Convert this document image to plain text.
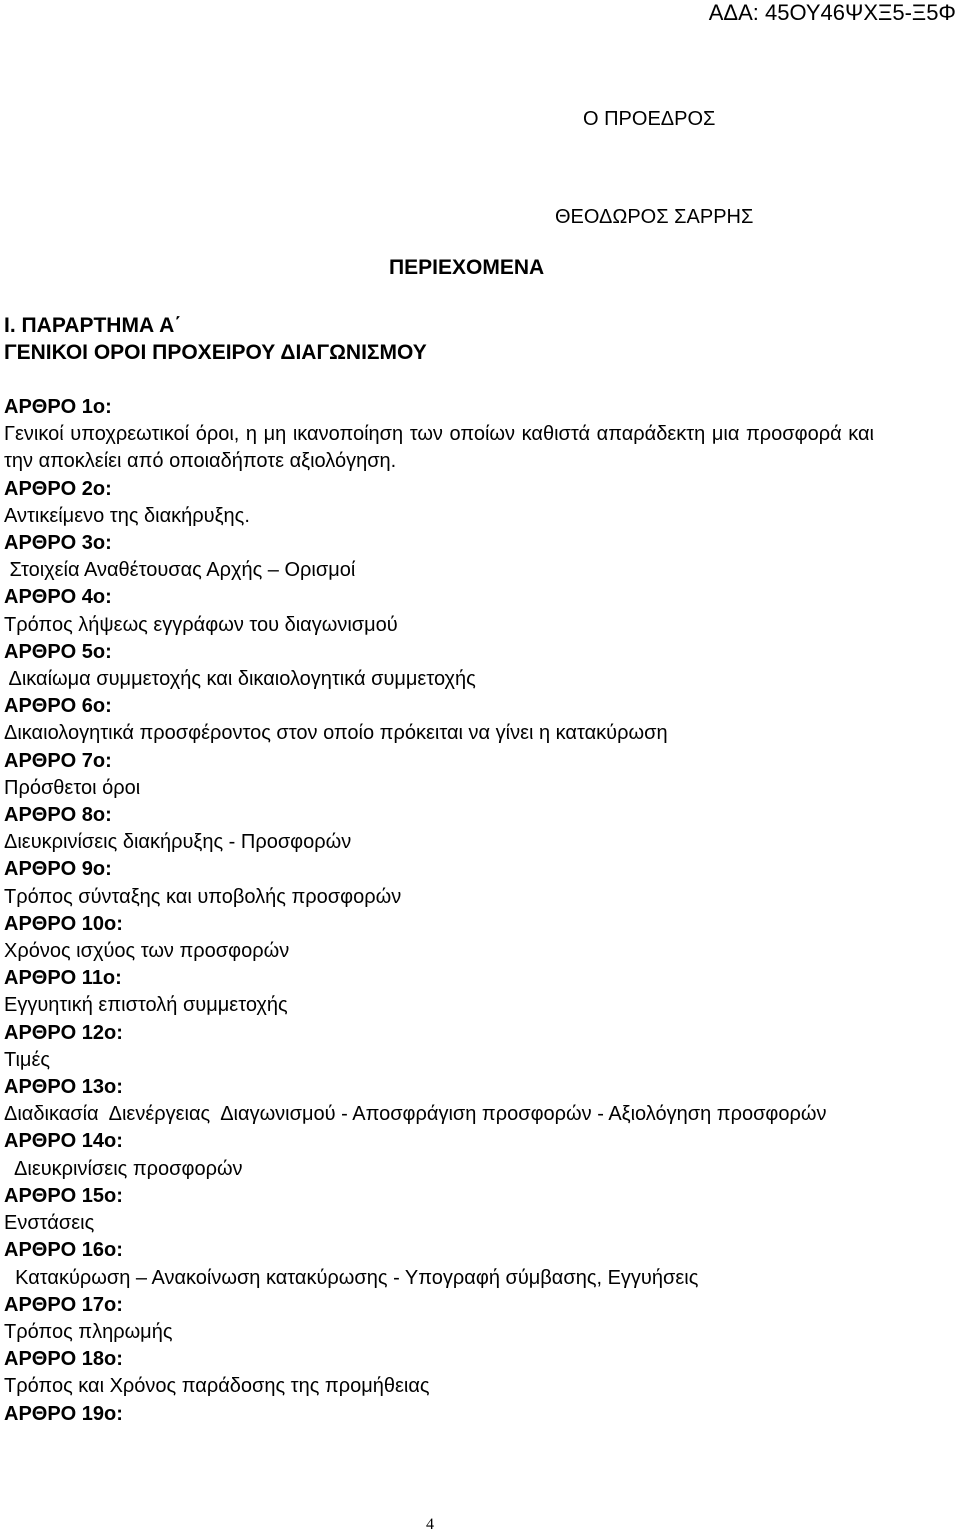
ΑΔΑ: 45ΟΥ46ΨΧΞ5-Ξ5Φ
Ο ΠΡΟΕΔΡΟΣ
ΘΕΟΔΩΡΟΣ ΣΑΡΡΗΣ
ΠΕΡΙΕΧΟΜΕΝΑ
Ι. ΠΑΡΑΡΤΗΜΑ Α΄
ΓΕΝΙΚΟΙ ΟΡΟΙ ΠΡΟΧΕΙΡΟΥ ΔΙΑΓΩΝΙΣΜΟΥ
ΑΡΘΡΟ 1ο:
Γενικοί υποχρεωτικοί όροι, η μη ικανοποίηση των οποίων καθιστά απαράδεκτη μια προσφορά και την αποκλείει από οποιαδήποτε αξιολόγηση.
ΑΡΘΡΟ 2ο:
Αντικείμενο της διακήρυξης.
ΑΡΘΡΟ 3ο:
Στοιχεία Αναθέτουσας Αρχής – Ορισμοί
ΑΡΘΡΟ 4ο:
Τρόπος λήψεως εγγράφων του διαγωνισμού
ΑΡΘΡΟ 5ο:
Δικαίωμα συμμετοχής και δικαιολογητικά συμμετοχής
ΑΡΘΡΟ 6ο:
Δικαιολογητικά προσφέροντος στον οποίο πρόκειται να γίνει η κατακύρωση
ΑΡΘΡΟ 7ο:
Πρόσθετοι όροι
ΑΡΘΡΟ 8ο:
Διευκρινίσεις διακήρυξης - Προσφορών
ΑΡΘΡΟ 9ο:
Τρόπος σύνταξης και υποβολής προσφορών
ΑΡΘΡΟ 10ο:
Χρόνος ισχύος των προσφορών
ΑΡΘΡΟ 11ο:
Εγγυητική επιστολή συμμετοχής
ΑΡΘΡΟ 12ο:
Τιμές
ΑΡΘΡΟ 13ο:
Διαδικασία  Διενέργειας  Διαγωνισμού - Αποσφράγιση προσφορών - Αξιολόγηση προσφορών
ΑΡΘΡΟ 14ο:
Διευκρινίσεις προσφορών
ΑΡΘΡΟ 15ο:
Ενστάσεις
ΑΡΘΡΟ 16ο:
Κατακύρωση – Ανακοίνωση κατακύρωσης - Υπογραφή σύμβασης, Εγγυήσεις
ΑΡΘΡΟ 17ο:
Τρόπος πληρωμής
ΑΡΘΡΟ 18ο:
Τρόπος και Χρόνος παράδοσης της προμήθειας
ΑΡΘΡΟ 19ο:
4
